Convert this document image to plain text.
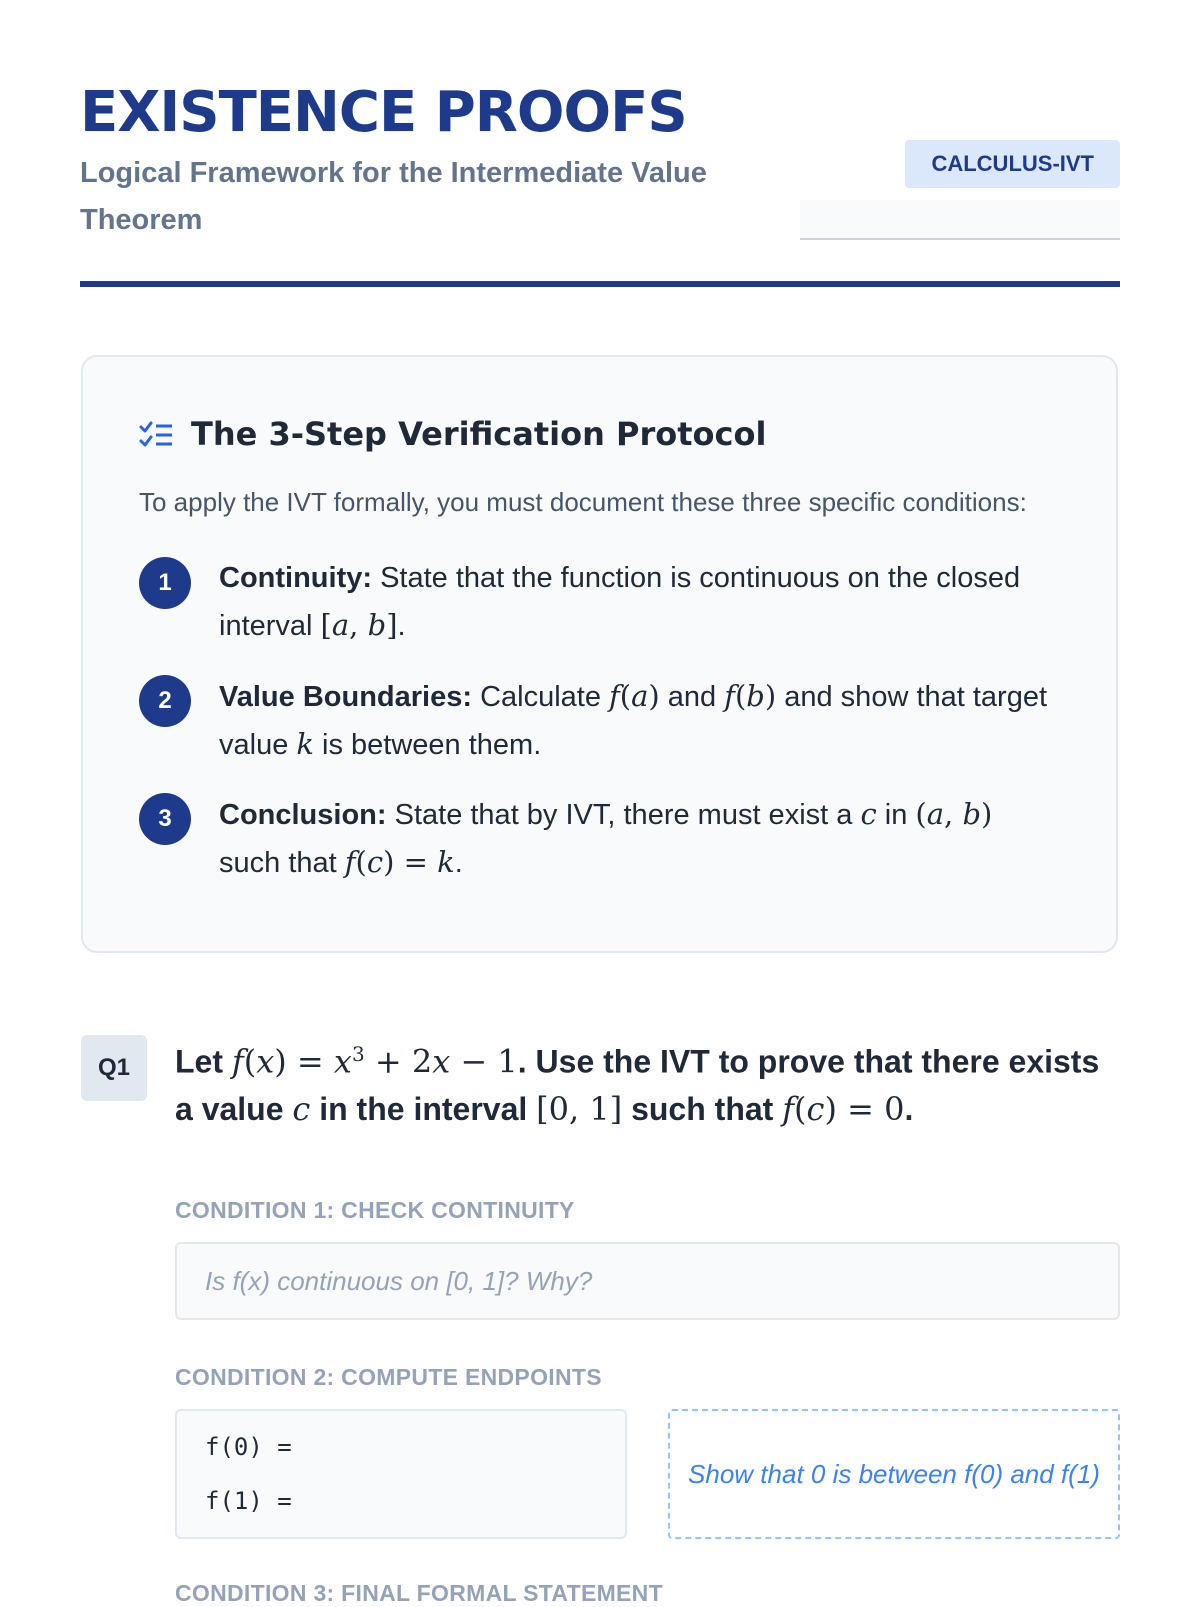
EXISTENCE PROOFS
Logical Framework for the Intermediate Value Theorem
CALCULUS-IVT
The 3-Step Verification Protocol
To apply the IVT formally, you must document these three specific conditions:
1	Continuity: State that the function is continuous on the closed interval [a, b].
2	Value Boundaries: Calculate f(a) and f(b) and show that target value k is between them.
3	Conclusion: State that by IVT, there must exist a c in (a, b) such that f(c) = k.
Q1	Let $f(x) = x^3 + 2x - 1$. Use the IVT to prove that there exists a value c in the interval [0, 1] such that f(c) = 0.
CONDITION 1: CHECK CONTINUITY
Is f(x) continuous on [0, 1]? Why?
CONDITION 2: COMPUTE ENDPOINTS
f(0) =
f(1) =
Show that 0 is between f(0) and f(1)
CONDITION 3: FINAL FORMAL STATEMENT
